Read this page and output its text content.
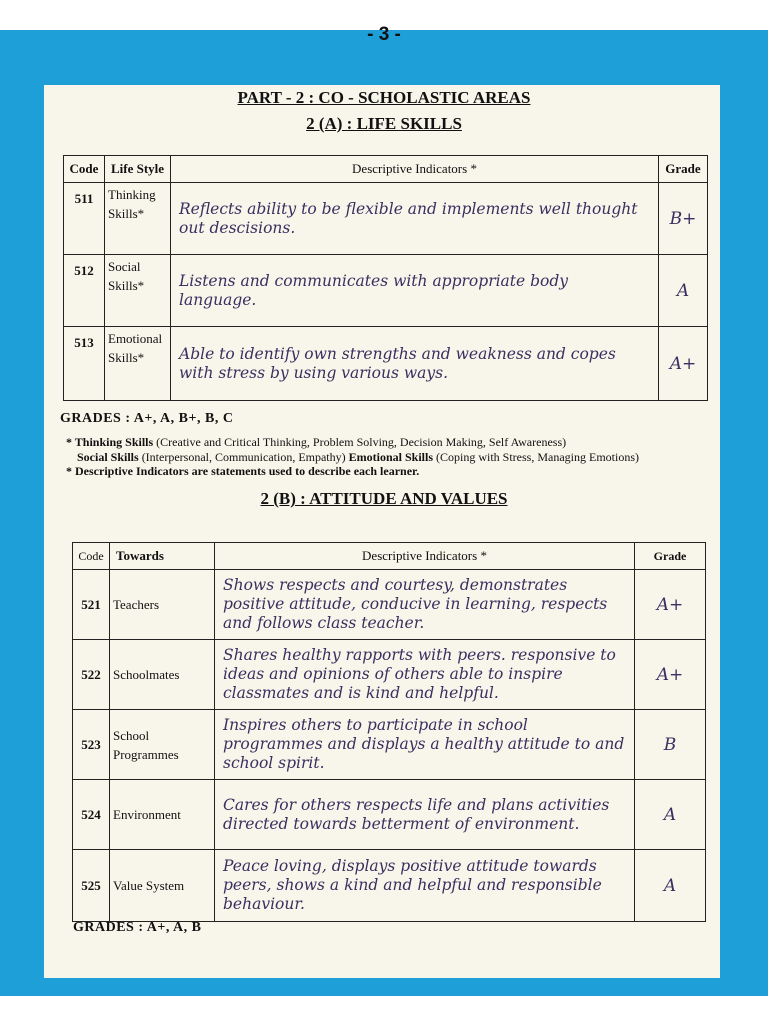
- 3 -
PART - 2 : CO - SCHOLASTIC AREAS
2 (A) : LIFE SKILLS
Code	Life Style	Descriptive Indicators *	Grade
511	Thinking Skills*	Reflects ability to be flexible and implements well thought out descisions.	B+
512	Social Skills*	Listens and communicates with appropriate body language.	A
513	Emotional Skills*	Able to identify own strengths and weakness and copes with stress by using various ways.	A+
GRADES : A+, A, B+, B, C
* Thinking Skills (Creative and Critical Thinking, Problem Solving, Decision Making, Self Awareness)
Social Skills (Interpersonal, Communication, Empathy) Emotional Skills (Coping with Stress, Managing Emotions)
* Descriptive Indicators are statements used to describe each learner.
2 (B) : ATTITUDE AND VALUES
Code	Towards	Descriptive Indicators *	Grade
521	Teachers	Shows respects and courtesy, demonstrates positive attitude, conducive in learning, respects and follows class teacher.	A+
522	Schoolmates	Shares healthy rapports with peers. responsive to ideas and opinions of others able to inspire classmates and is kind and helpful.	A+
523	School Programmes	Inspires others to participate in school programmes and displays a healthy attitude to and school spirit.	B
524	Environment	Cares for others respects life and plans activities directed towards betterment of environment.	A
525	Value System	Peace loving, displays positive attitude towards peers, shows a kind and helpful and responsible behaviour.	A
GRADES : A+, A, B
